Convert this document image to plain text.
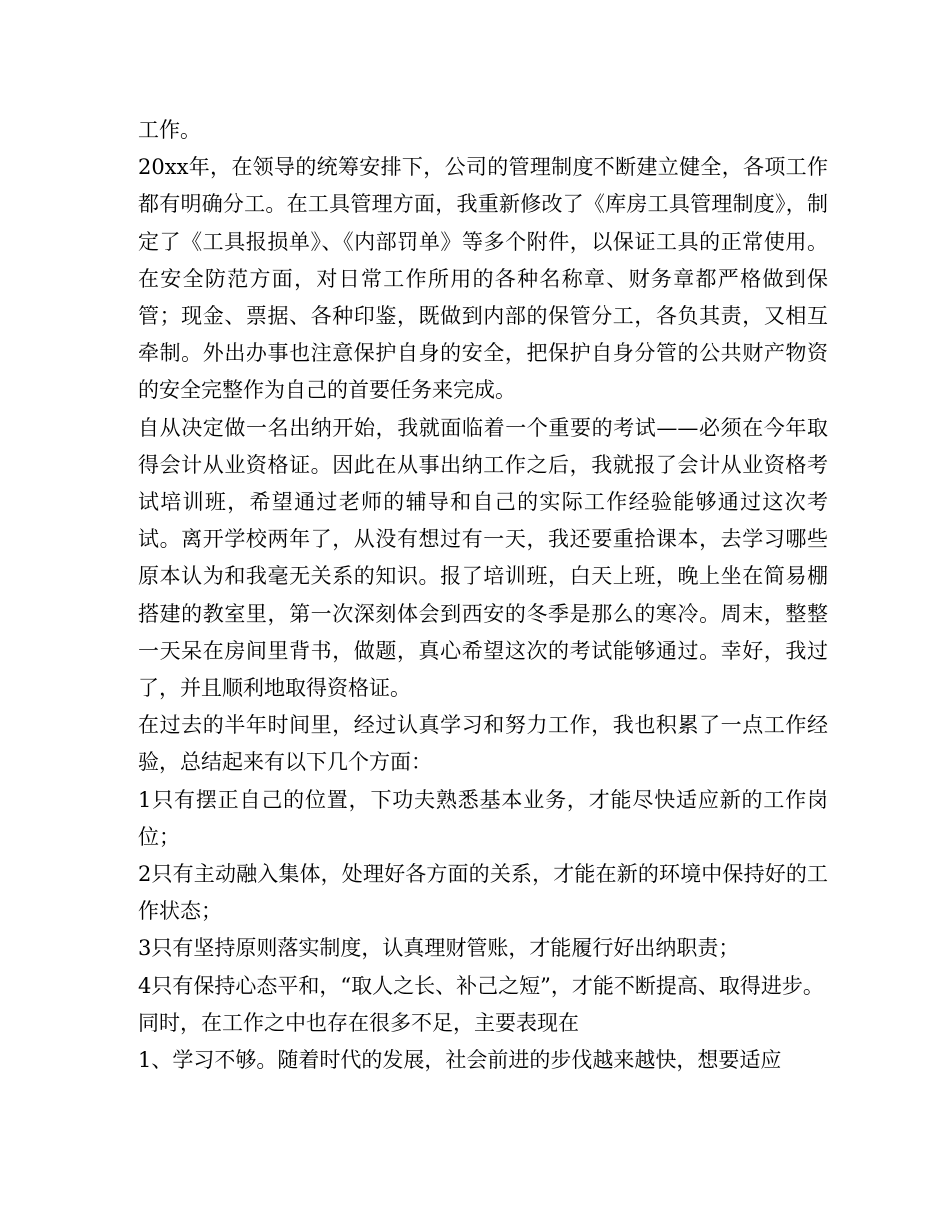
工作。

20xx年，在领导的统筹安排下，公司的管理制度不断建立健全，各项工作都有明确分工。在工具管理方面，我重新修改了《库房工具管理制度》，制定了《工具报损单》、《内部罚单》等多个附件，以保证工具的正常使用。在安全防范方面，对日常工作所用的各种名称章、财务章都严格做到保管；现金、票据、各种印鉴，既做到内部的保管分工，各负其责，又相互牵制。外出办事也注意保护自身的安全，把保护自身分管的公共财产物资的安全完整作为自己的首要任务来完成。

自从决定做一名出纳开始，我就面临着一个重要的考试——必须在今年取得会计从业资格证。因此在从事出纳工作之后，我就报了会计从业资格考试培训班，希望通过老师的辅导和自己的实际工作经验能够通过这次考试。离开学校两年了，从没有想过有一天，我还要重拾课本，去学习哪些原本认为和我毫无关系的知识。报了培训班，白天上班，晚上坐在简易棚搭建的教室里，第一次深刻体会到西安的冬季是那么的寒冷。周末，整整一天呆在房间里背书，做题，真心希望这次的考试能够通过。幸好，我过了，并且顺利地取得资格证。

在过去的半年时间里，经过认真学习和努力工作，我也积累了一点工作经验，总结起来有以下几个方面：

1只有摆正自己的位置，下功夫熟悉基本业务，才能尽快适应新的工作岗位；

2只有主动融入集体，处理好各方面的关系，才能在新的环境中保持好的工作状态；

3只有坚持原则落实制度，认真理财管账，才能履行好出纳职责；

4只有保持心态平和，“取人之长、补己之短”，才能不断提高、取得进步。

同时，在工作之中也存在很多不足，主要表现在

1、学习不够。随着时代的发展，社会前进的步伐越来越快，想要适应
